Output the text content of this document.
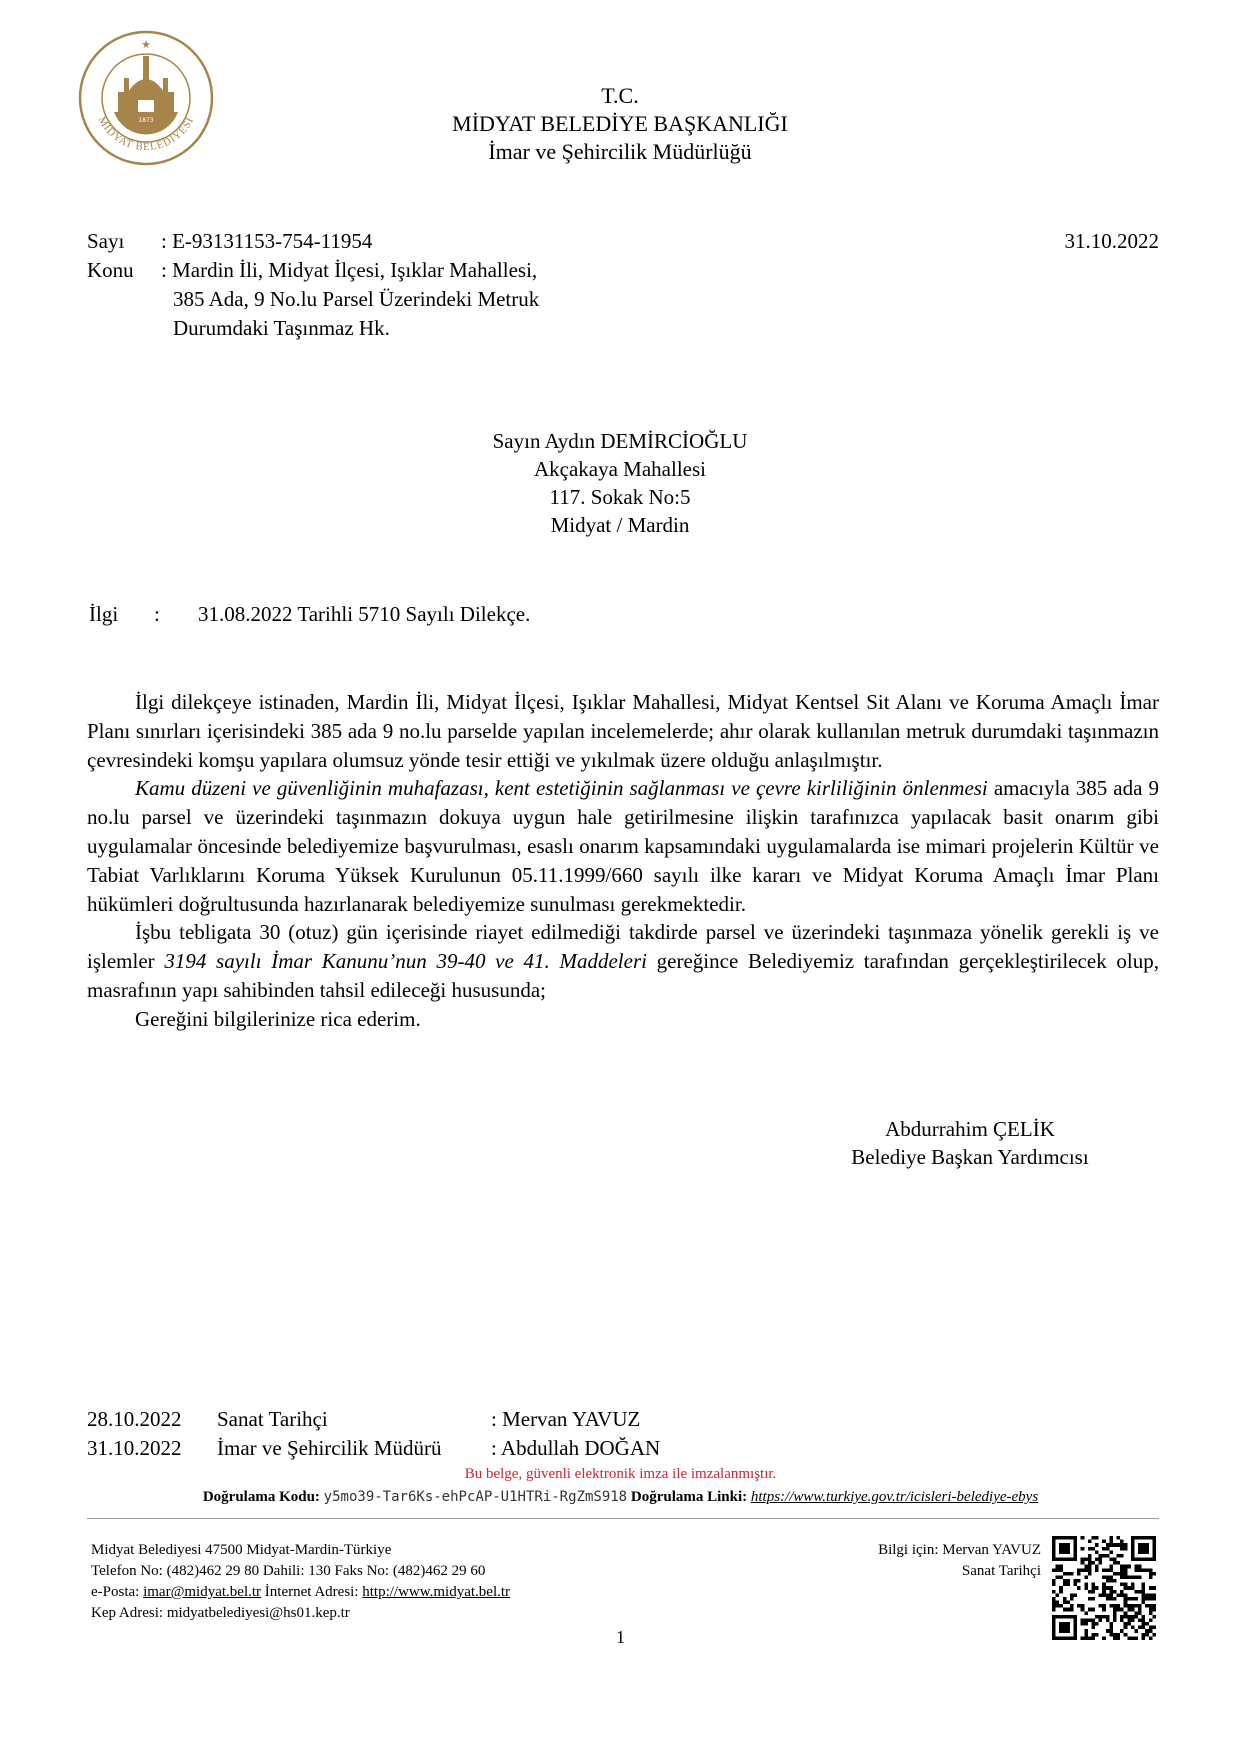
★
1873
MİDYAT BELEDİYESİ
T.C.
MİDYAT BELEDİYE BAŞKANLIĞI
İmar ve Şehircilik Müdürlüğü
Sayı	: E-93131153-754-11954	31.10.2022
Konu	: Mardin İli, Midyat İlçesi, Işıklar Mahallesi,
385 Ada, 9 No.lu Parsel Üzerindeki Metruk
Durumdaki Taşınmaz Hk.
Sayın Aydın DEMİRCİOĞLU
Akçakaya Mahallesi
117. Sokak No:5
Midyat / Mardin
İlgi : 31.08.2022 Tarihli 5710 Sayılı Dilekçe.

İlgi dilekçeye istinaden, Mardin İli, Midyat İlçesi, Işıklar Mahallesi, Midyat Kentsel Sit Alanı ve Koruma Amaçlı İmar Planı sınırları içerisindeki 385 ada 9 no.lu parselde yapılan incelemelerde; ahır olarak kullanılan metruk durumdaki taşınmazın çevresindeki komşu yapılara olumsuz yönde tesir ettiği ve yıkılmak üzere olduğu anlaşılmıştır.

Kamu düzeni ve güvenliğinin muhafazası, kent estetiğinin sağlanması ve çevre kirliliğinin önlenmesi amacıyla 385 ada 9 no.lu parsel ve üzerindeki taşınmazın dokuya uygun hale getirilmesine ilişkin tarafınızca yapılacak basit onarım gibi uygulamalar öncesinde belediyemize başvurulması, esaslı onarım kapsamındaki uygulamalarda ise mimari projelerin Kültür ve Tabiat Varlıklarını Koruma Yüksek Kurulunun 05.11.1999/660 sayılı ilke kararı ve Midyat Koruma Amaçlı İmar Planı hükümleri doğrultusunda hazırlanarak belediyemize sunulması gerekmektedir.

İşbu tebligata 30 (otuz) gün içerisinde riayet edilmediği takdirde parsel ve üzerindeki taşınmaza yönelik gerekli iş ve işlemler 3194 sayılı İmar Kanunu’nun 39-40 ve 41. Maddeleri gereğince Belediyemiz tarafından gerçekleştirilecek olup, masrafının yapı sahibinden tahsil edileceği hususunda;

Gereğini bilgilerinize rica ederim.

Abdurrahim ÇELİK
Belediye Başkan Yardımcısı
28.10.2022 Sanat Tarihçi	: Mervan YAVUZ
31.10.2022 İmar ve Şehircilik Müdürü : Abdullah DOĞAN
Bu belge, güvenli elektronik imza ile imzalanmıştır.
Doğrulama Kodu: y5mo39-Tar6Ks-ehPcAP-U1HTRi-RgZmS918 Doğrulama Linki: https://www.turkiye.gov.tr/icisleri-belediye-ebys
Midyat Belediyesi 47500 Midyat-Mardin-Türkiye
Telefon No: (482)462 29 80 Dahili: 130 Faks No: (482)462 29 60
e-Posta: imar@midyat.bel.tr İnternet Adresi: http://www.midyat.bel.tr
Kep Adresi: midyatbelediyesi@hs01.kep.tr
Bilgi için: Mervan YAVUZ
Sanat Tarihçi
1
